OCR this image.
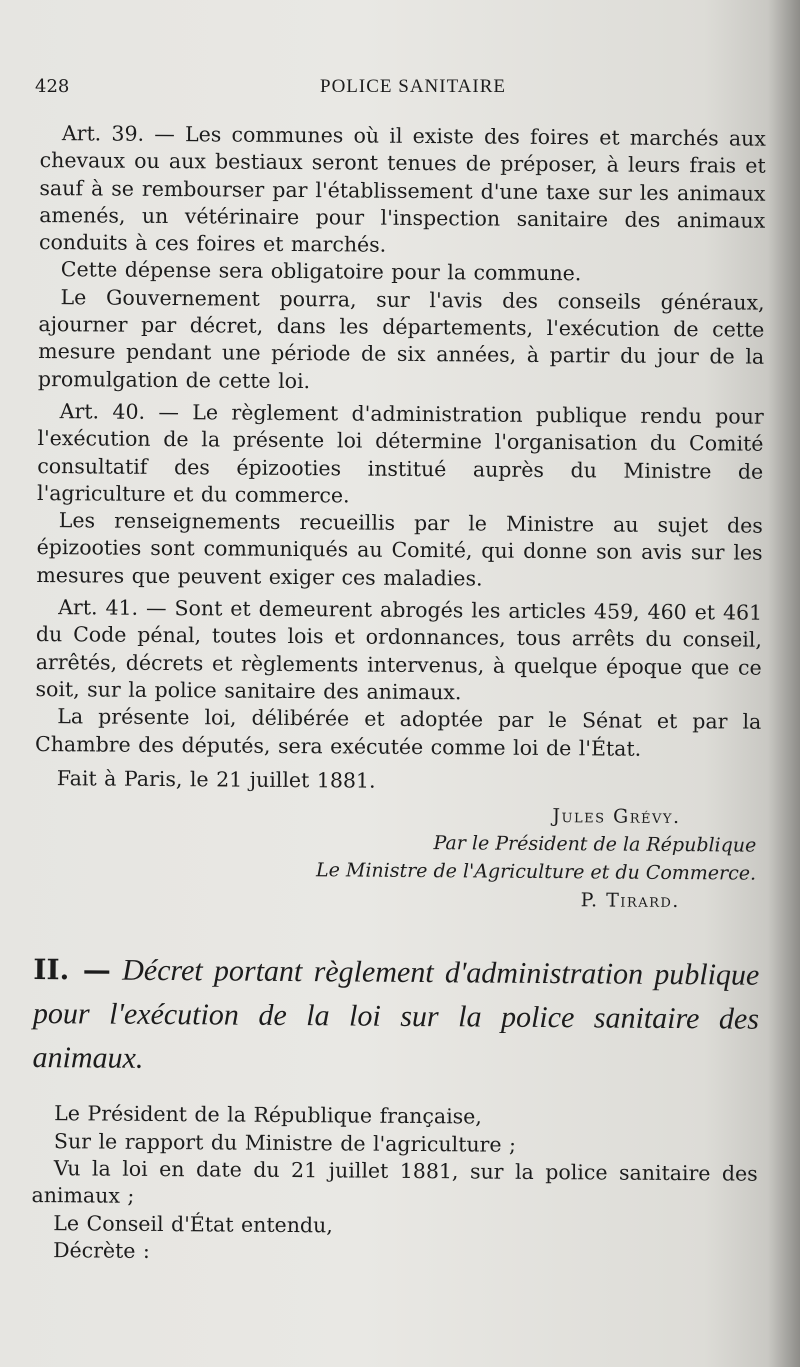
428	POLICE SANITAIRE

Art. 39. — Les communes où il existe des foires et marchés aux chevaux ou aux bestiaux seront tenues de préposer, à leurs frais et sauf à se rembourser par l'établissement d'une taxe sur les animaux amenés, un vétérinaire pour l'inspection sanitaire des animaux conduits à ces foires et marchés.

Cette dépense sera obligatoire pour la commune.

Le Gouvernement pourra, sur l'avis des conseils généraux, ajourner par décret, dans les départements, l'exécution de cette mesure pendant une période de six années, à partir du jour de la promulgation de cette loi.

Art. 40. — Le règlement d'administration publique rendu pour l'exécution de la présente loi détermine l'organisation du Comité consultatif des épizooties institué auprès du Ministre de l'agriculture et du commerce.

Les renseignements recueillis par le Ministre au sujet des épizooties sont communiqués au Comité, qui donne son avis sur les mesures que peuvent exiger ces maladies.

Art. 41. — Sont et demeurent abrogés les articles 459, 460 et 461 du Code pénal, toutes lois et ordonnances, tous arrêts du conseil, arrêtés, décrets et règlements intervenus, à quelque époque que ce soit, sur la police sanitaire des animaux.

La présente loi, délibérée et adoptée par le Sénat et par la Chambre des députés, sera exécutée comme loi de l'État.

Fait à Paris, le 21 juillet 1881.

Jules Grévy.
Par le Président de la République
Le Ministre de l'Agriculture et du Commerce.
P. Tirard.
II. — Décret portant règlement d'administration publique pour l'exécution de la loi sur la police sanitaire des animaux.

Le Président de la République française,

Sur le rapport du Ministre de l'agriculture ;

Vu la loi en date du 21 juillet 1881, sur la police sanitaire des animaux ;

Le Conseil d'État entendu,

Décrète :
